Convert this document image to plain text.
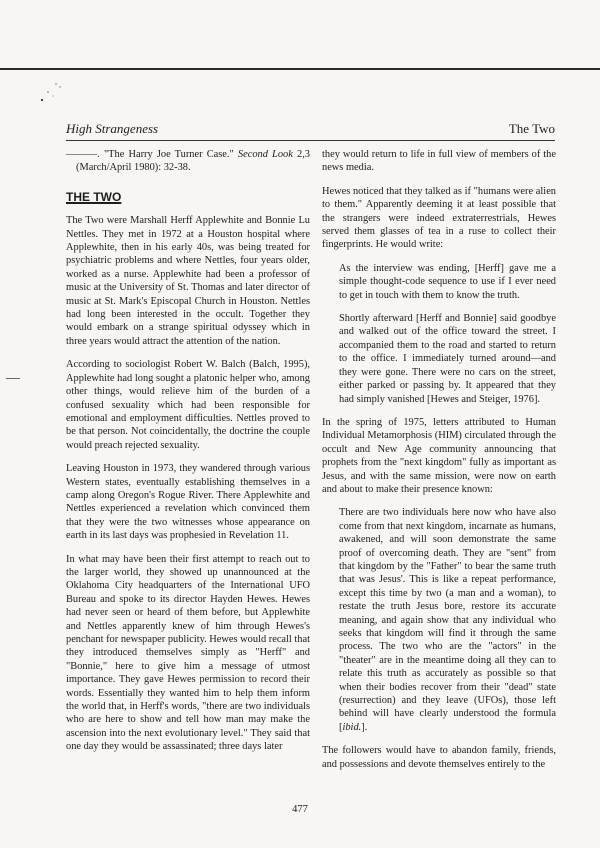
High Strangeness	The Two

———. "The Harry Joe Turner Case." Second Look 2,3 (March/April 1980): 32-38.

THE TWO

The Two were Marshall Herff Applewhite and Bonnie Lu Nettles. They met in 1972 at a Houston hospital where Applewhite, then in his early 40s, was being treated for psychiatric problems and where Nettles, four years older, worked as a nurse. Applewhite had been a professor of music at the University of St. Thomas and later director of music at St. Mark's Episcopal Church in Houston. Nettles had long been interested in the occult. Together they would embark on a strange spiritual odyssey which in three years would attract the attention of the nation.

According to sociologist Robert W. Balch (Balch, 1995), Applewhite had long sought a platonic helper who, among other things, would relieve him of the burden of a confused sexuality which had been responsible for emotional and employment difficulties. Nettles proved to be that person. Not coincidentally, the doctrine the couple would preach rejected sexuality.

Leaving Houston in 1973, they wandered through various Western states, eventually establishing themselves in a camp along Oregon's Rogue River. There Applewhite and Nettles experienced a revelation which convinced them that they were the two witnesses whose appearance on earth in its last days was prophesied in Revelation 11.

In what may have been their first attempt to reach out to the larger world, they showed up unannounced at the Oklahoma City headquarters of the International UFO Bureau and spoke to its director Hayden Hewes. Hewes had never seen or heard of them before, but Applewhite and Nettles apparently knew of him through Hewes's penchant for newspaper publicity. Hewes would recall that they introduced themselves simply as "Herff" and "Bonnie," here to give him a message of utmost importance. They gave Hewes permission to record their words. Essentially they wanted him to help them inform the world that, in Herff's words, "there are two individuals who are here to show and tell how man may make the ascension into the next evolutionary level." They said that one day they would be assassinated; three days later

they would return to life in full view of members of the news media.

Hewes noticed that they talked as if "humans were alien to them." Apparently deeming it at least possible that the strangers were indeed extraterrestrials, Hewes served them glasses of tea in a ruse to collect their fingerprints. He would write:

As the interview was ending, [Herff] gave me a simple thought-code sequence to use if I ever need to get in touch with them to know the truth.

Shortly afterward [Herff and Bonnie] said goodbye and walked out of the office toward the street. I accompanied them to the road and started to return to the office. I immediately turned around—and they were gone. There were no cars on the street, either parked or passing by. It appeared that they had simply vanished [Hewes and Steiger, 1976].

In the spring of 1975, letters attributed to Human Individual Metamorphosis (HIM) circulated through the occult and New Age community announcing that prophets from the "next kingdom" fully as important as Jesus, and with the same mission, were now on earth and about to make their presence known:

There are two individuals here now who have also come from that next kingdom, incarnate as humans, awakened, and will soon demonstrate the same proof of overcoming death. They are "sent" from that kingdom by the "Father" to bear the same truth that was Jesus'. This is like a repeat performance, except this time by two (a man and a woman), to restate the truth Jesus bore, restore its accurate meaning, and again show that any individual who seeks that kingdom will find it through the same process. The two who are the "actors" in the "theater" are in the meantime doing all they can to relate this truth as accurately as possible so that when their bodies recover from their "dead" state (resurrection) and they leave (UFOs), those left behind will have clearly understood the formula [ibid.].

The followers would have to abandon family, friends, and possessions and devote themselves entirely to the

477
